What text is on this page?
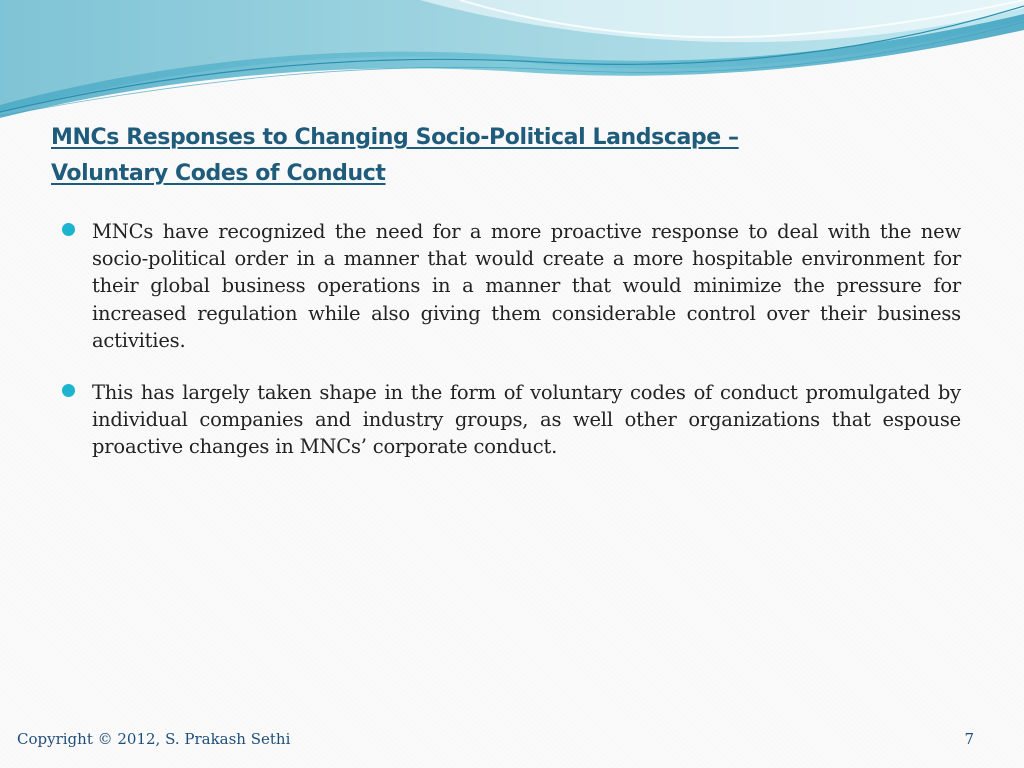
MNCs Responses to Changing Socio-Political Landscape –
Voluntary Codes of Conduct
MNCs have recognized the need for a more proactive response to deal with the new socio-political order in a manner that would create a more hospitable environment for their global business operations in a manner that would minimize the pressure for increased regulation while also giving them considerable control over their business activities.
This has largely taken shape in the form of voluntary codes of conduct promulgated by individual companies and industry groups, as well other organizations that espouse proactive changes in MNCs’ corporate conduct.
Copyright © 2012, S. Prakash Sethi	7
